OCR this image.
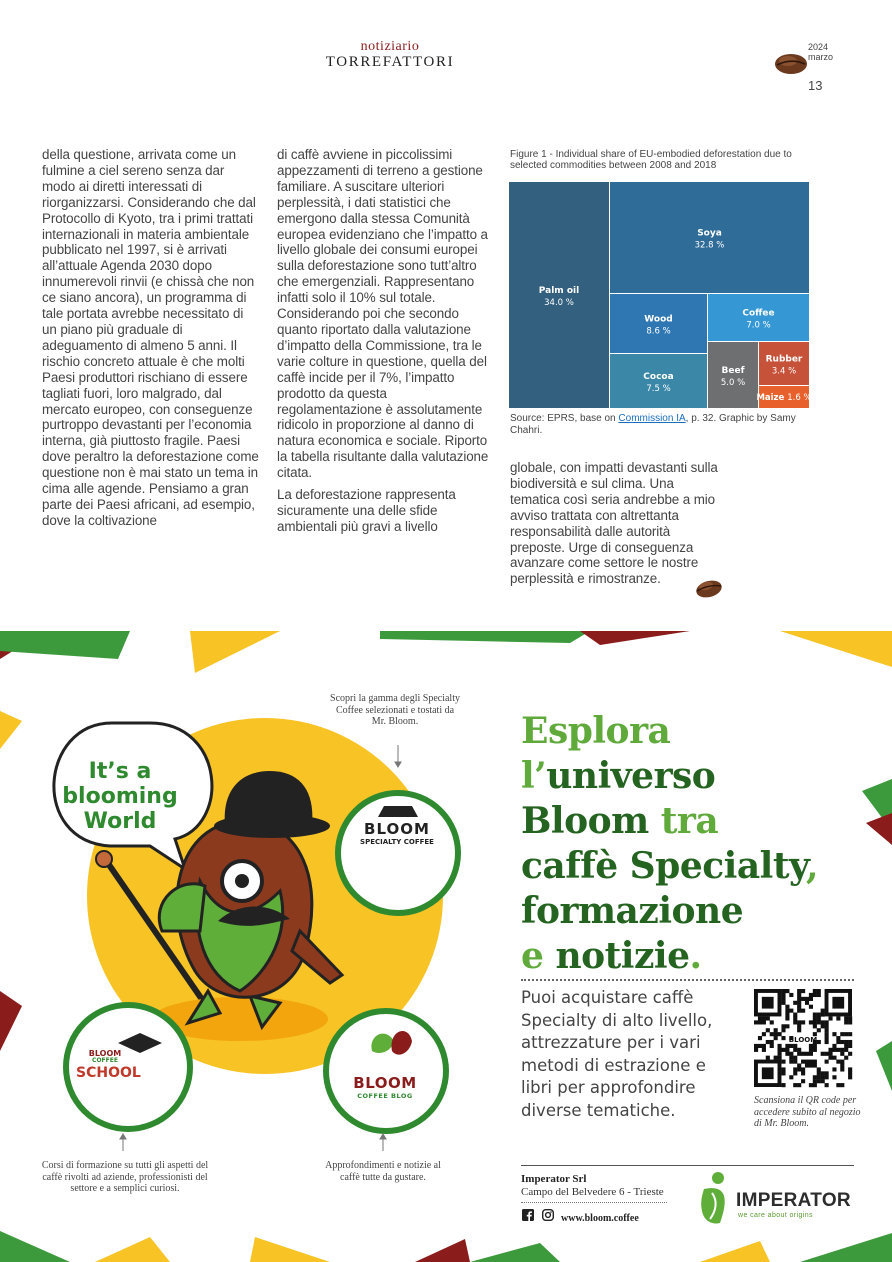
notiziario
TORREFATTORI
2024
marzo
13

della questione, arrivata come un fulmine a ciel sereno senza dar modo ai diretti interessati di riorganizzarsi. Considerando che dal Protocollo di Kyoto, tra i primi trattati internazionali in materia ambientale pubblicato nel 1997, si è arrivati all’attuale Agenda 2030 dopo innumerevoli rinvii (e chissà che non ce siano ancora), un programma di tale portata avrebbe necessitato di un piano più graduale di adeguamento di almeno 5 anni. Il rischio concreto attuale è che molti Paesi produttori rischiano di essere tagliati fuori, loro malgrado, dal mercato europeo, con conseguenze purtroppo devastanti per l’economia interna, già piuttosto fragile. Paesi dove peraltro la deforestazione come questione non è mai stato un tema in cima alle agende. Pensiamo a gran parte dei Paesi africani, ad esempio, dove la coltivazione

di caffè avviene in piccolissimi appezzamenti di terreno a gestione familiare. A suscitare ulteriori perplessità, i dati statistici che emergono dalla stessa Comunità europea evidenziano che l’impatto a livello globale dei consumi europei sulla deforestazione sono tutt’altro che emergenziali. Rappresentano infatti solo il 10% sul totale. Considerando poi che secondo quanto riportato dalla valutazione d’impatto della Commissione, tra le varie colture in questione, quella del caffè incide per il 7%, l’impatto prodotto da questa regolamentazione è assolutamente ridicolo in proporzione al danno di natura economica e sociale. Riporto la tabella risultante dalla valutazione citata.

La deforestazione rappresenta sicuramente una delle sfide ambientali più gravi a livello

Figure 1 - Individual share of EU-embodied deforestation due to selected commodities between 2008 and 2018
Palm oil
34.0 %
Soya
32.8 %
Wood
8.6 %
Coffee
7.0 %
Cocoa
7.5 %
Beef
5.0 %
Rubber
3.4 %
Maize 1.6 %
Source: EPRS, base on Commission IA, p. 32. Graphic by Samy Chahri.

globale, con impatti devastanti sulla biodiversità e sul clima. Una tematica così seria andrebbe a mio avviso trattata con altrettanta responsabilità dalle autorità preposte. Urge di conseguenza avanzare come settore le nostre perplessità e rimostranze.

Scopri la gamma degli Specialty Coffee selezionati e tostati da Mr. Bloom.
It’s a
blooming
World	BLOOM
SPECIALTY COFFEE
BLOOM
COFFEE
SCHOOL
BLOOM
COFFEE BLOG
Corsi di formazione su tutti gli aspetti del caffè rivolti ad aziende, professionisti del settore e a semplici curiosi.
Approfondimenti e notizie al caffè tutte da gustare.
Esplora
l’universo
Bloom tra
caffè Specialty,
formazione
e notizie.
Puoi acquistare caffè Specialty di alto livello, attrezzature per i vari metodi di estrazione e libri per approfondire diverse tematiche.
BLOOM
Scansiona il QR code per accedere subito al negozio di Mr. Bloom.
Imperator Srl
Campo del Belvedere 6 - Trieste
www.bloom.coffee
IMPERATOR
we care about origins
